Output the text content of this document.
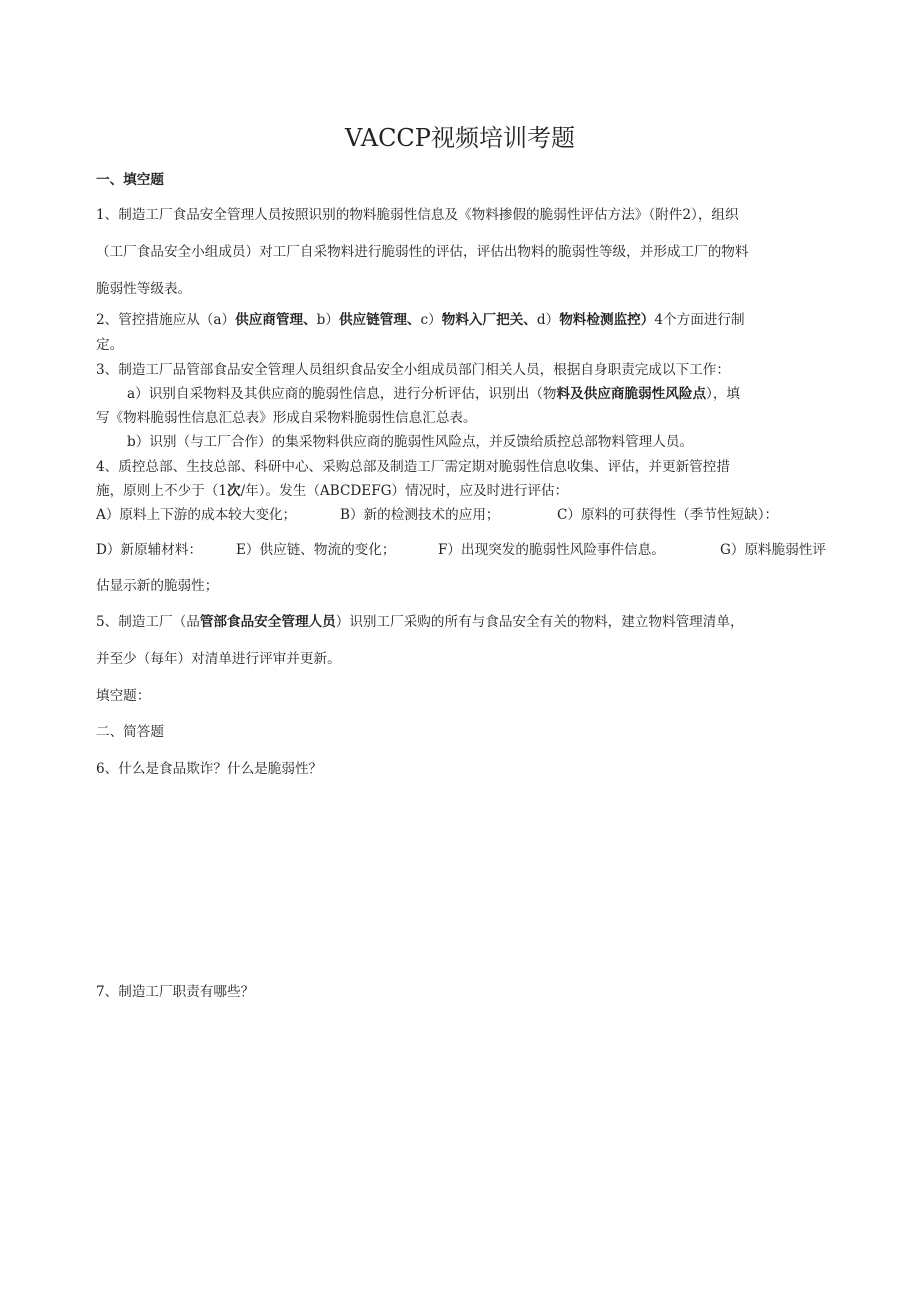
VACCP视频培训考题
一、填空题
1、制造工厂食品安全管理人员按照识别的物料脆弱性信息及《物料掺假的脆弱性评估方法》（附件2），组织
（工厂食品安全小组成员）对工厂自采物料进行脆弱性的评估，评估出物料的脆弱性等级，并形成工厂的物料
脆弱性等级表。
2、管控措施应从（a）供应商管理、b）供应链管理、c）物料入厂把关、d）物料检测监控）4个方面进行制
定。
3、制造工厂品管部食品安全管理人员组织食品安全小组成员部门相关人员，根据自身职责完成以下工作：
a）识别自采物料及其供应商的脆弱性信息，进行分析评估，识别出（物料及供应商脆弱性风险点），填
写《物料脆弱性信息汇总表》形成自采物料脆弱性信息汇总表。
b）识别（与工厂合作）的集采物料供应商的脆弱性风险点，并反馈给质控总部物料管理人员。
4、质控总部、生技总部、科研中心、采购总部及制造工厂需定期对脆弱性信息收集、评估，并更新管控措
施，原则上不少于（1次/年）。发生（ABCDEFG）情况时，应及时进行评估：
A）原料上下游的成本较大变化；	B）新的检测技术的应用；	C）原料的可获得性（季节性短缺）：
D）新原辅材料： E）供应链、物流的变化；	F）出现突发的脆弱性风险事件信息。	G）原料脆弱性评
估显示新的脆弱性；
5、制造工厂（品管部食品安全管理人员）识别工厂采购的所有与食品安全有关的物料，建立物料管理清单，
并至少（每年）对清单进行评审并更新。
填空题：
二、简答题
6、什么是食品欺诈？什么是脆弱性？
7、制造工厂职责有哪些？
